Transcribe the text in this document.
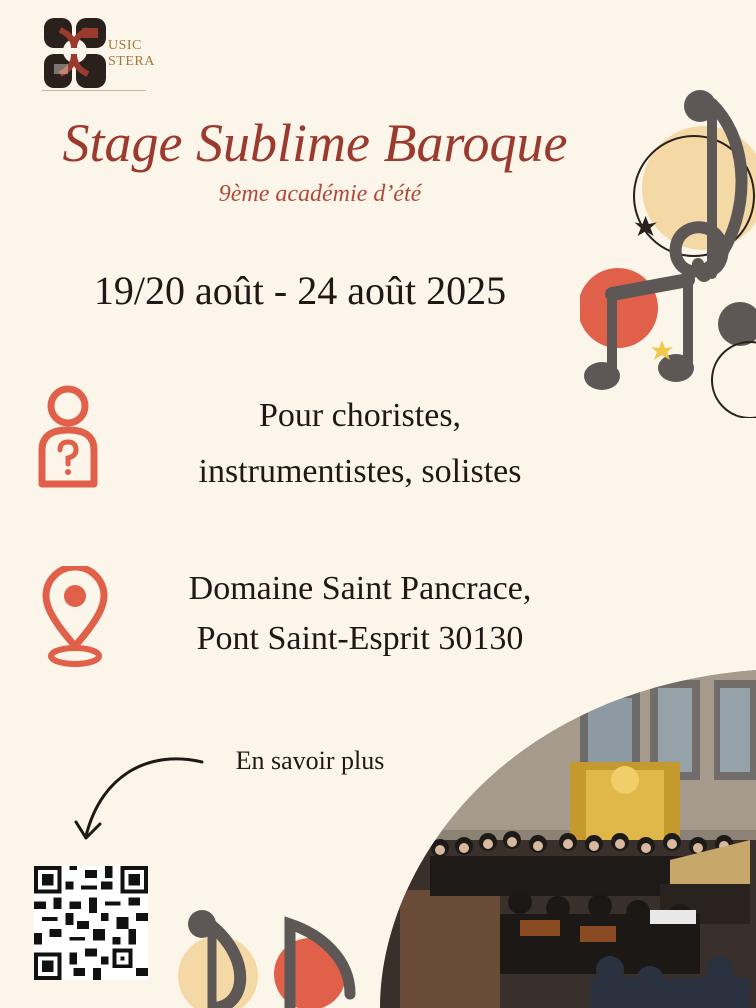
USIC
STERA
Stage Sublime Baroque
9ème académie d’été
19/20 août - 24 août 2025
Pour choristes,
instrumentistes, solistes
Domaine Saint Pancrace,
Pont Saint-Esprit 30130
En savoir plus
